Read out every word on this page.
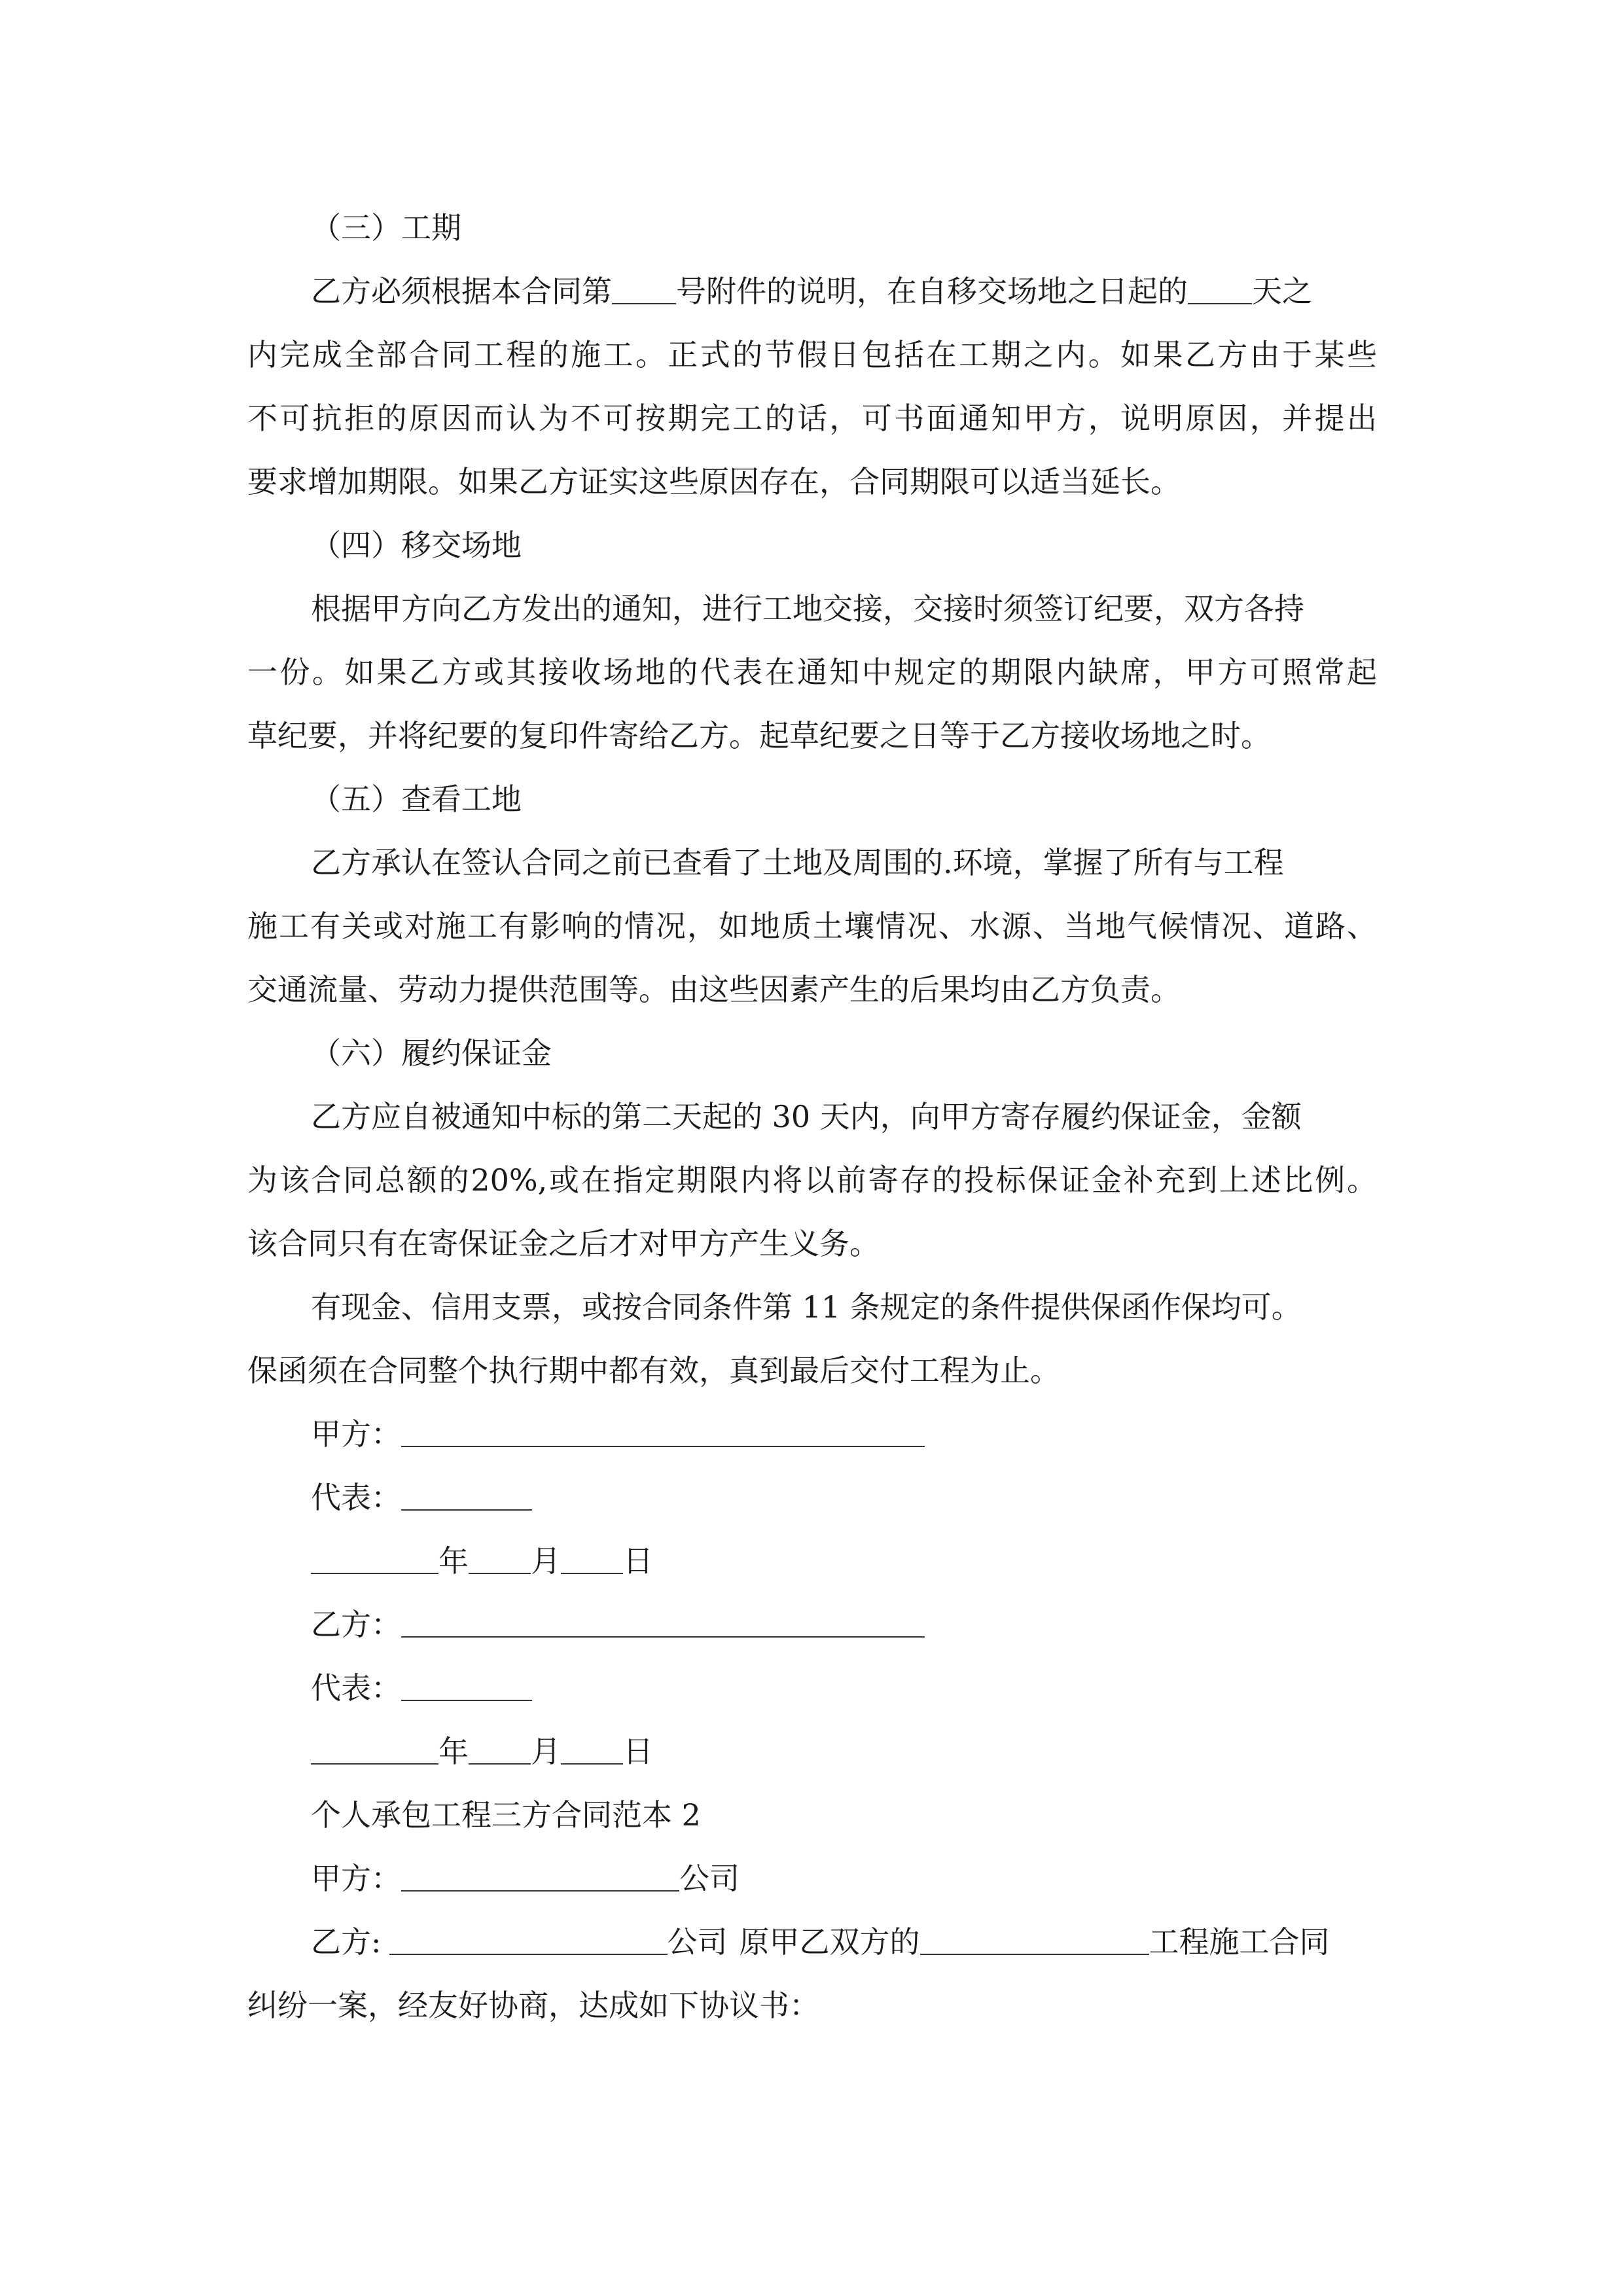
（三）工期
乙方必须根据本合同第 号附件的说明，在自移交场地之日起的 天之
内完成全部合同工程的施工。正式的节假日包括在工期之内。如果乙方由于某些
不可抗拒的原因而认为不可按期完工的话，可书面通知甲方，说明原因，并提出
要求增加期限。如果乙方证实这些原因存在，合同期限可以适当延长。
（四）移交场地
根据甲方向乙方发出的通知，进行工地交接，交接时须签订纪要，双方各持
一份。如果乙方或其接收场地的代表在通知中规定的期限内缺席，甲方可照常起
草纪要，并将纪要的复印件寄给乙方。起草纪要之日等于乙方接收场地之时。
（五）查看工地
乙方承认在签认合同之前已查看了土地及周围的.环境，掌握了所有与工程
施工有关或对施工有影响的情况，如地质土壤情况、水源、当地气候情况、道路、
交通流量、劳动力提供范围等。由这些因素产生的后果均由乙方负责。
（六）履约保证金
乙方应自被通知中标的第二天起的 30 天内，向甲方寄存履约保证金，金额
为该合同总额的20%,或在指定期限内将以前寄存的投标保证金补充到上述比例。
该合同只有在寄保证金之后才对甲方产生义务。
有现金、信用支票，或按合同条件第 11 条规定的条件提供保函作保均可。
保函须在合同整个执行期中都有效，真到最后交付工程为止。
甲方：
代表：
年 月 日
乙方：
代表：
年 月 日
个人承包工程三方合同范本 2
甲方：	公司
乙方:	公司 原甲乙双方的	工程施工合同
纠纷一案，经友好协商，达成如下协议书：
